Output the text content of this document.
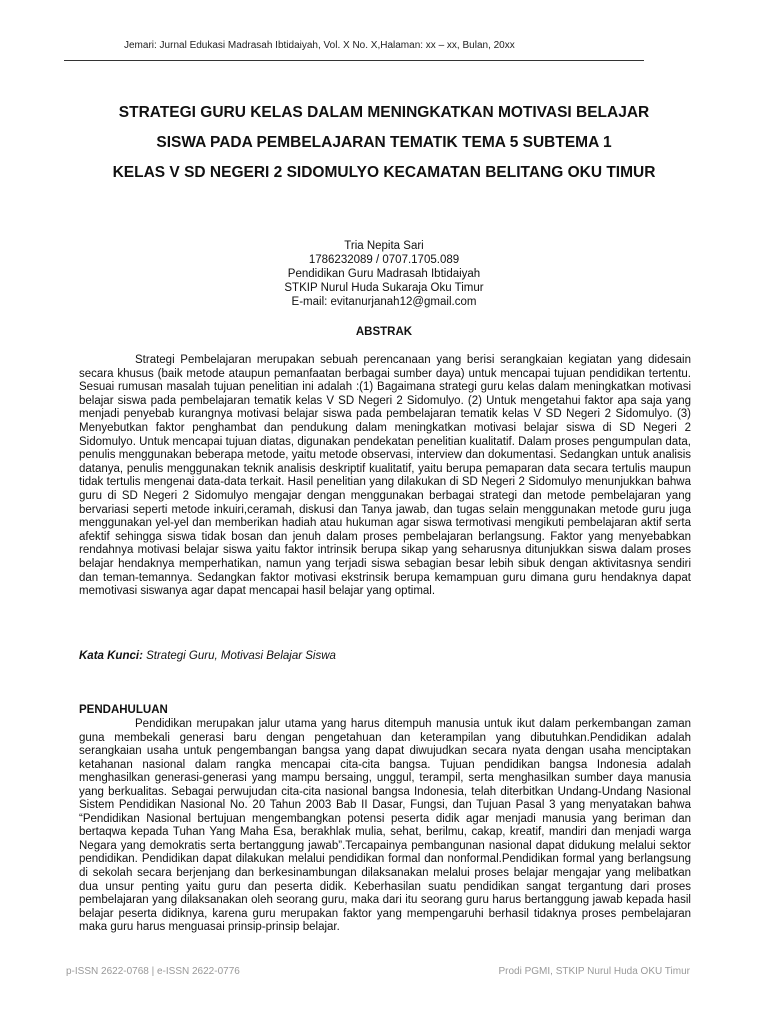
Jemari: Jurnal Edukasi Madrasah Ibtidaiyah, Vol. X No. X,Halaman: xx – xx, Bulan, 20xx
STRATEGI GURU KELAS DALAM MENINGKATKAN MOTIVASI BELAJAR
SISWA PADA PEMBELAJARAN TEMATIK TEMA 5 SUBTEMA 1
KELAS V SD NEGERI 2 SIDOMULYO KECAMATAN BELITANG OKU TIMUR
Tria Nepita Sari
1786232089 / 0707.1705.089
Pendidikan Guru Madrasah Ibtidaiyah
STKIP Nurul Huda Sukaraja Oku Timur
E-mail: evitanurjanah12@gmail.com
ABSTRAK

Strategi Pembelajaran merupakan sebuah perencanaan yang berisi serangkaian kegiatan yang didesain secara khusus (baik metode ataupun pemanfaatan berbagai sumber daya) untuk mencapai tujuan pendidikan tertentu. Sesuai rumusan masalah tujuan penelitian ini adalah :(1) Bagaimana strategi guru kelas dalam meningkatkan motivasi belajar siswa pada pembelajaran tematik kelas V SD Negeri 2 Sidomulyo. (2) Untuk mengetahui faktor apa saja yang menjadi penyebab kurangnya motivasi belajar siswa pada pembelajaran tematik kelas V SD Negeri 2 Sidomulyo. (3) Menyebutkan faktor penghambat dan pendukung dalam meningkatkan motivasi belajar siswa di SD Negeri 2 Sidomulyo. Untuk mencapai tujuan diatas, digunakan pendekatan penelitian kualitatif. Dalam proses pengumpulan data, penulis menggunakan beberapa metode, yaitu metode observasi, interview dan dokumentasi. Sedangkan untuk analisis datanya, penulis menggunakan teknik analisis deskriptif kualitatif, yaitu berupa pemaparan data secara tertulis maupun tidak tertulis mengenai data-data terkait. Hasil penelitian yang dilakukan di SD Negeri 2 Sidomulyo menunjukkan bahwa guru di SD Negeri 2 Sidomulyo mengajar dengan menggunakan berbagai strategi dan metode pembelajaran yang bervariasi seperti metode inkuiri,ceramah, diskusi dan Tanya jawab, dan tugas selain menggunakan metode guru juga menggunakan yel-yel dan memberikan hadiah atau hukuman agar siswa termotivasi mengikuti pembelajaran aktif serta afektif sehingga siswa tidak bosan dan jenuh dalam proses pembelajaran berlangsung. Faktor yang menyebabkan rendahnya motivasi belajar siswa yaitu faktor intrinsik berupa sikap yang seharusnya ditunjukkan siswa dalam proses belajar hendaknya memperhatikan, namun yang terjadi siswa sebagian besar lebih sibuk dengan aktivitasnya sendiri dan teman-temannya. Sedangkan faktor motivasi ekstrinsik berupa kemampuan guru dimana guru hendaknya dapat memotivasi siswanya agar dapat mencapai hasil belajar yang optimal.

Kata Kunci: Strategi Guru, Motivasi Belajar Siswa
PENDAHULUAN

Pendidikan merupakan jalur utama yang harus ditempuh manusia untuk ikut dalam perkembangan zaman guna membekali generasi baru dengan pengetahuan dan keterampilan yang dibutuhkan.Pendidikan adalah serangkaian usaha untuk pengembangan bangsa yang dapat diwujudkan secara nyata dengan usaha menciptakan ketahanan nasional dalam rangka mencapai cita-cita bangsa. Tujuan pendidikan bangsa Indonesia adalah menghasilkan generasi-generasi yang mampu bersaing, unggul, terampil, serta menghasilkan sumber daya manusia yang berkualitas. Sebagai perwujudan cita-cita nasional bangsa Indonesia, telah diterbitkan Undang-Undang Nasional Sistem Pendidikan Nasional No. 20 Tahun 2003 Bab II Dasar, Fungsi, dan Tujuan Pasal 3 yang menyatakan bahwa “Pendidikan Nasional bertujuan mengembangkan potensi peserta didik agar menjadi manusia yang beriman dan bertaqwa kepada Tuhan Yang Maha Esa, berakhlak mulia, sehat, berilmu, cakap, kreatif, mandiri dan menjadi warga Negara yang demokratis serta bertanggung jawab”.Tercapainya pembangunan nasional dapat didukung melalui sektor pendidikan. Pendidikan dapat dilakukan melalui pendidikan formal dan nonformal.Pendidikan formal yang berlangsung di sekolah secara berjenjang dan berkesinambungan dilaksanakan melalui proses belajar mengajar yang melibatkan dua unsur penting yaitu guru dan peserta didik. Keberhasilan suatu pendidikan sangat tergantung dari proses pembelajaran yang dilaksanakan oleh seorang guru, maka dari itu seorang guru harus bertanggung jawab kepada hasil belajar peserta didiknya, karena guru merupakan faktor yang mempengaruhi berhasil tidaknya proses pembelajaran maka guru harus menguasai prinsip-prinsip belajar.

p-ISSN 2622-0768 | e-ISSN 2622-0776	Prodi PGMI, STKIP Nurul Huda OKU Timur
